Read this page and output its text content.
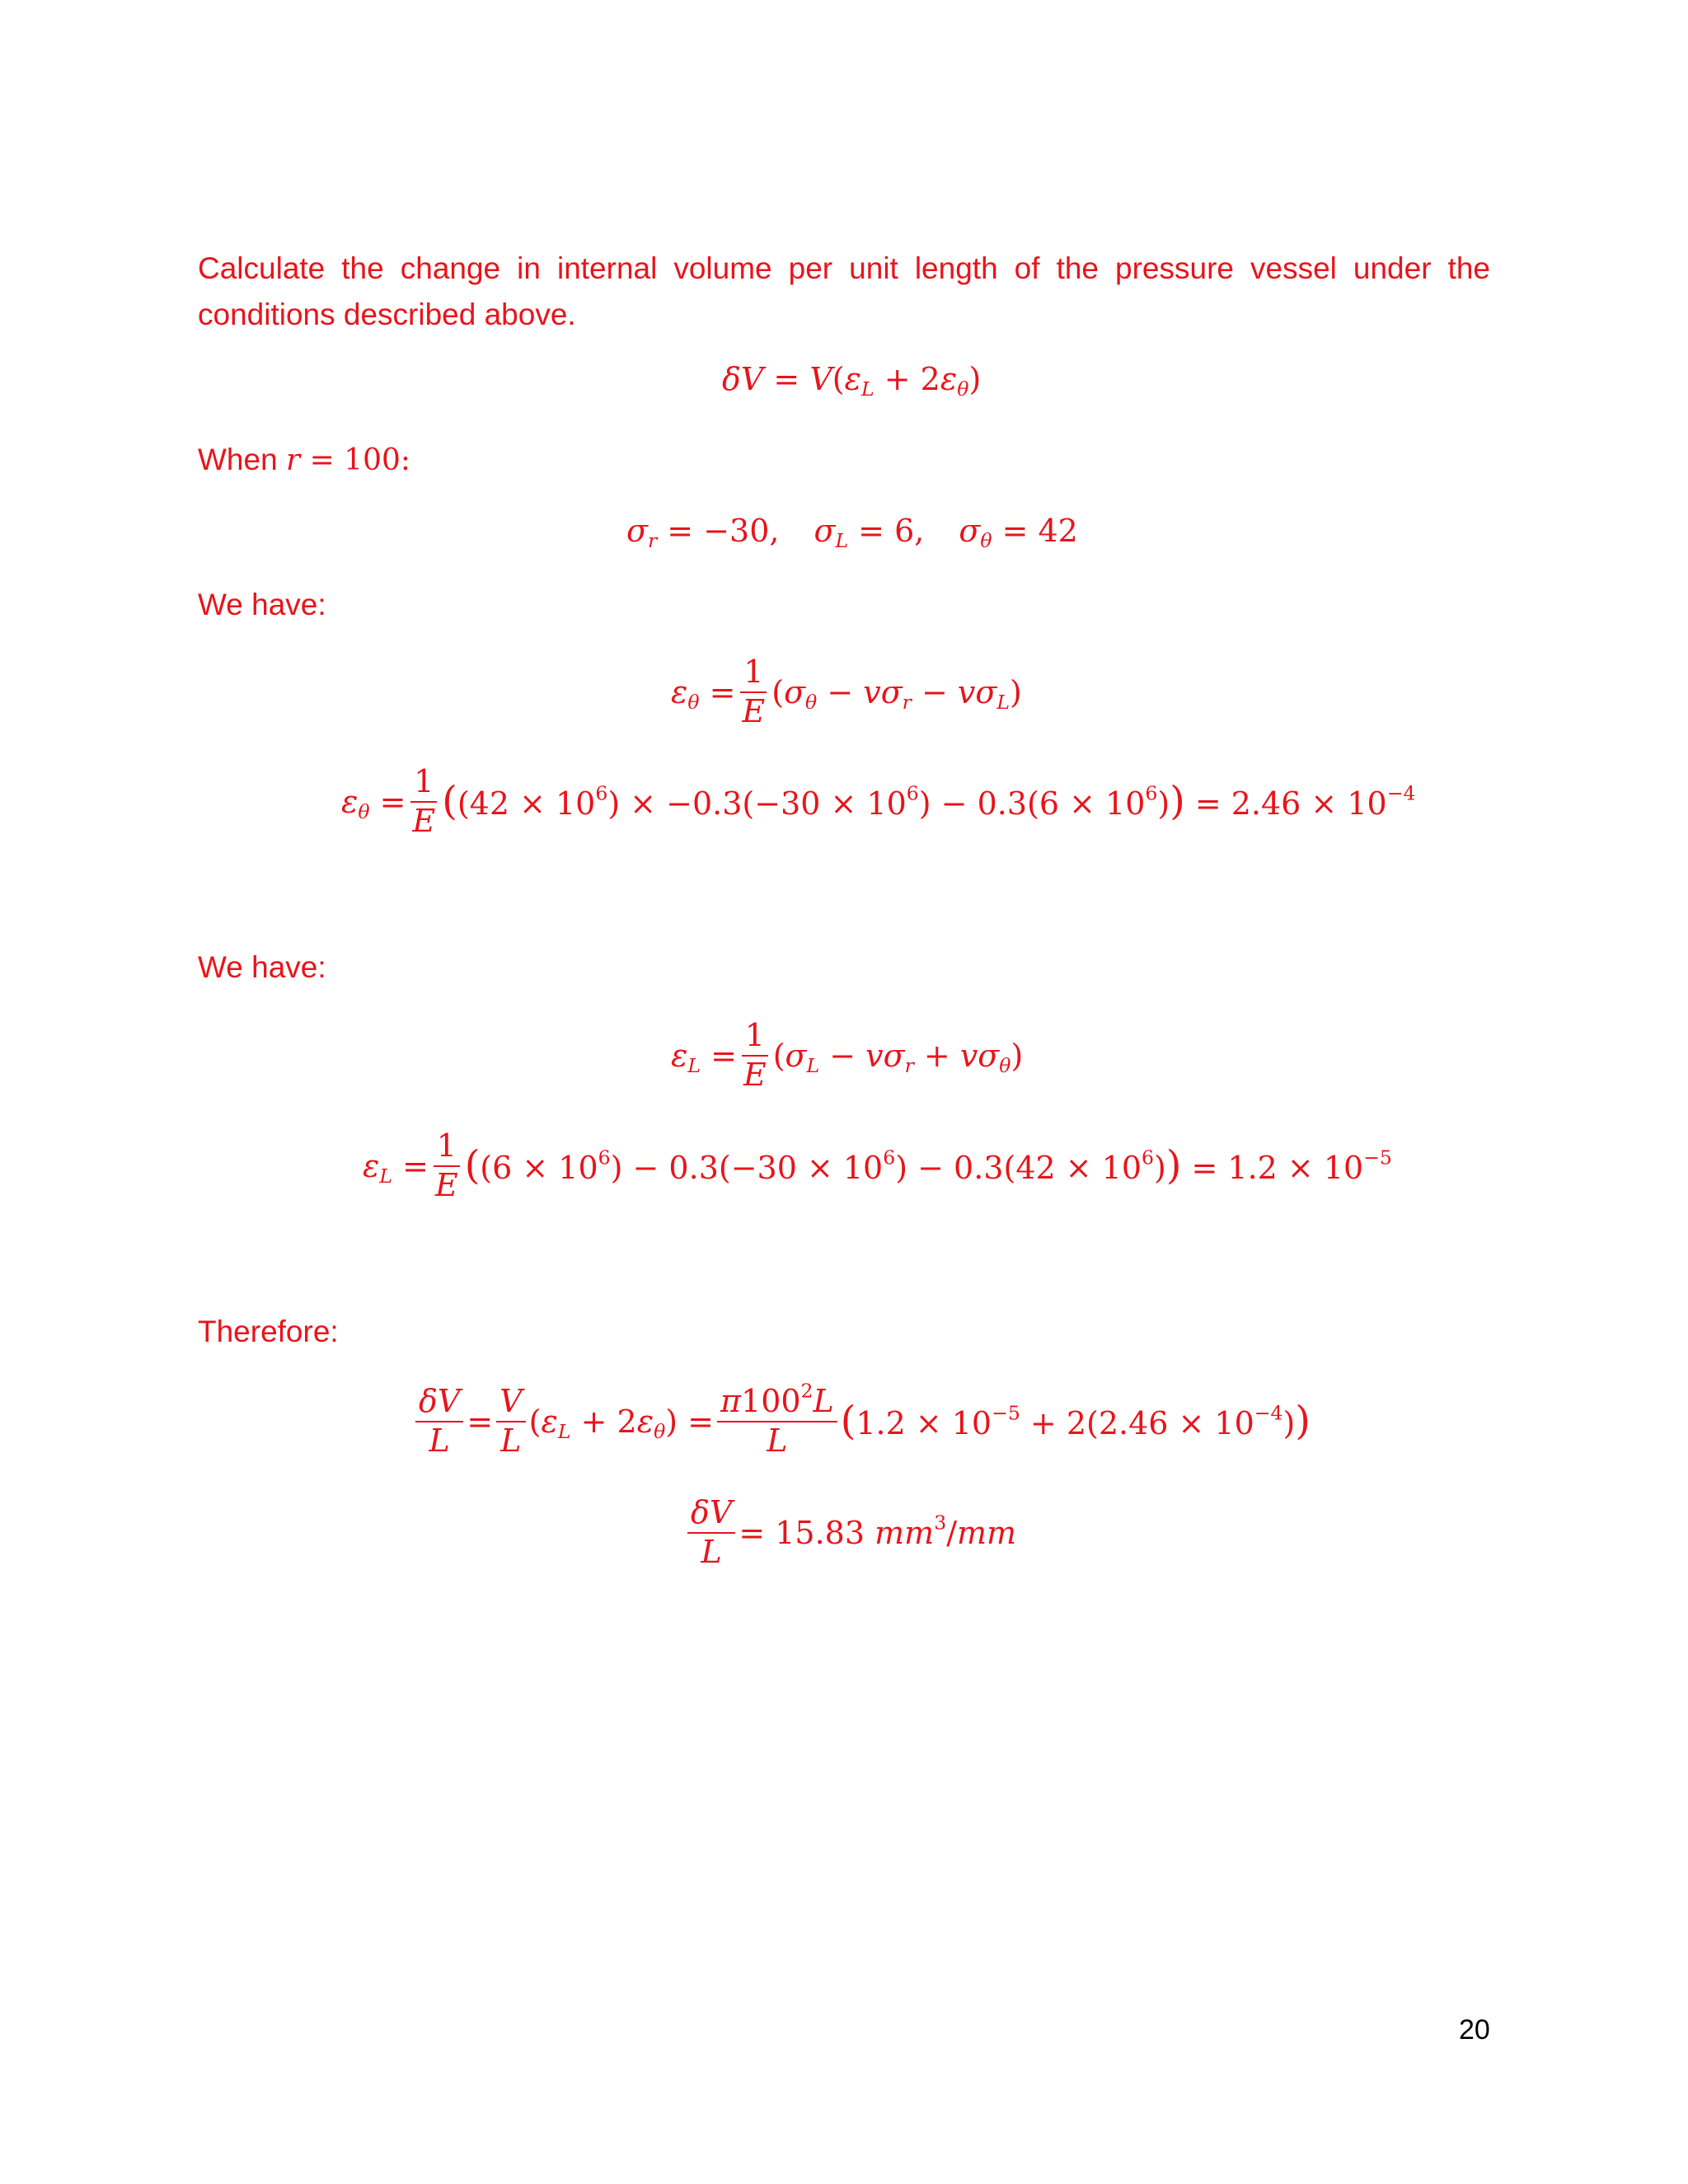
Calculate the change in internal volume per unit length of the pressure vessel under the conditions described above.
$\delta V = V(\varepsilon_L + 2\varepsilon_\theta)$
When r = 100:
$\sigma_r = -30$, $\sigma_L = 6$, $\sigma_\theta = 42$
We have:
$\varepsilon_\theta = \frac{1}{E} (\sigma_\theta - v\sigma_r - v\sigma_L)$
$\varepsilon_\theta = \frac{1}{E} ((42 \times 10^6) \times -0.3(-30 \times 10^6) - 0.3(6 \times 10^6)) = 2.46 \times 10^{-4}$
We have:
$\varepsilon_L = \frac{1}{E} (\sigma_L - v\sigma_r + v\sigma_\theta)$
$\varepsilon_L = \frac{1}{E} ((6 \times 10^6) - 0.3(-30 \times 10^6) - 0.3(42 \times 10^6)) = 1.2 \times 10^{-5}$
Therefore:
$\frac{\delta V}{L} = \frac{V}{L} (\varepsilon_L + 2\varepsilon_\theta) = \frac{\pi 100^2L}{L} (1.2 \times 10^{-5} + 2(2.46 \times 10^{-4}))$
$\frac{\delta V}{L} = 15.83$ $mm^3/mm$
20
